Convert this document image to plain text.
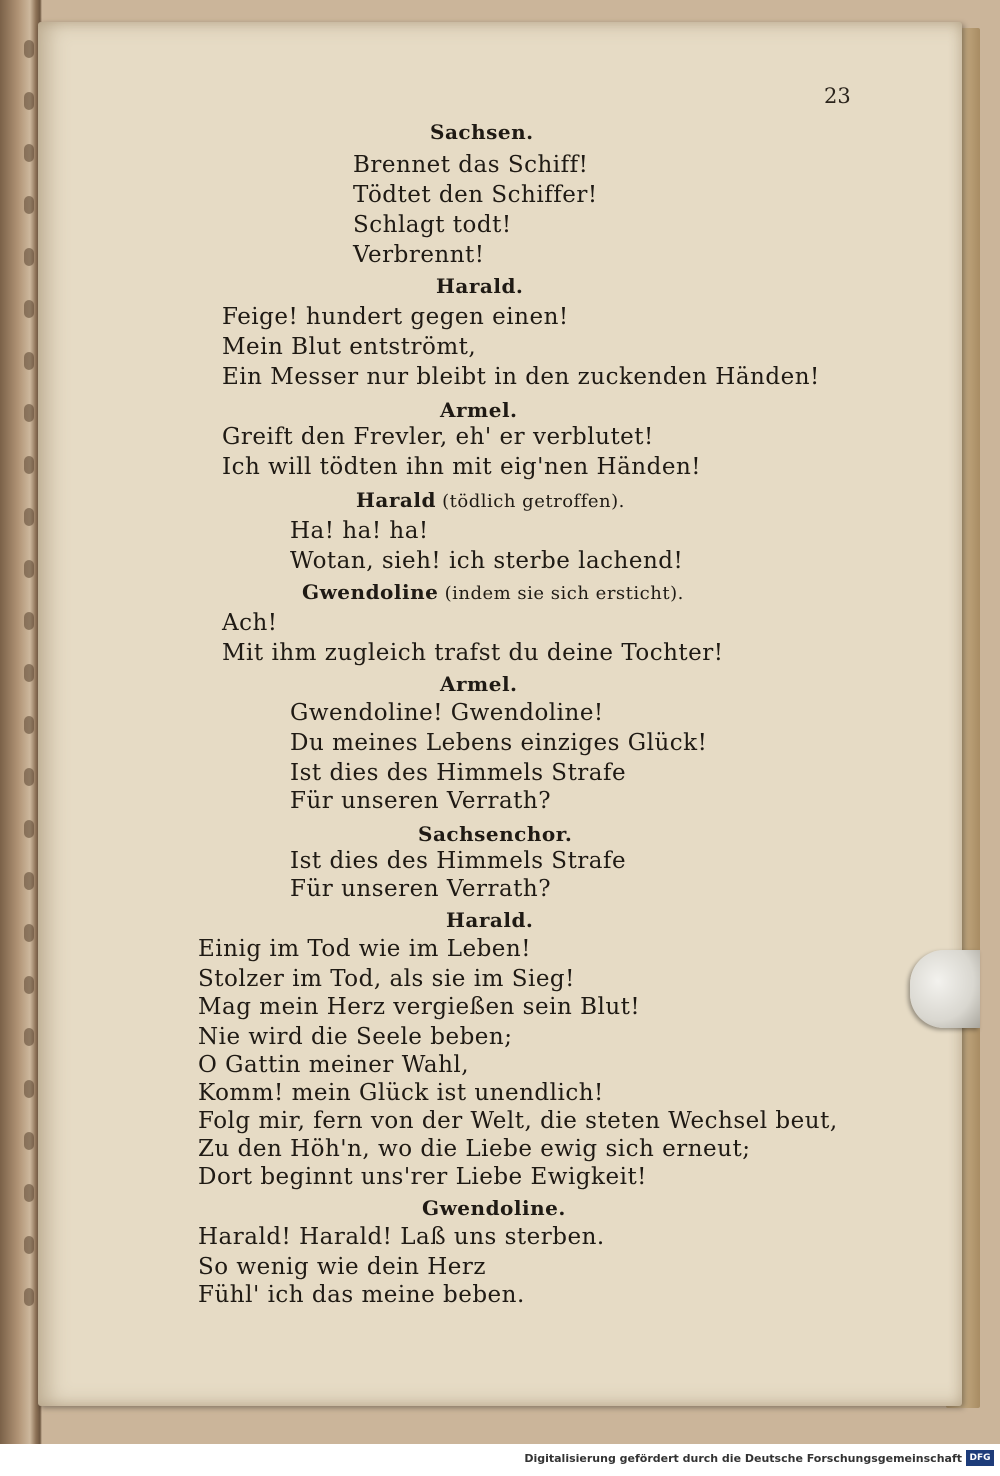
23
Sachsen.
Brennet das Schiff!
Tödtet den Schiffer!
Schlagt todt!
Verbrennt!
Harald.
Feige! hundert gegen einen!
Mein Blut entströmt,
Ein Messer nur bleibt in den zuckenden Händen!
Armel.
Greift den Frevler, eh' er verblutet!
Ich will tödten ihn mit eig'nen Händen!
Harald (tödlich getroffen).
Ha! ha! ha!
Wotan, sieh! ich sterbe lachend!
Gwendoline (indem sie sich ersticht).
Ach!
Mit ihm zugleich trafst du deine Tochter!
Armel.
Gwendoline! Gwendoline!
Du meines Lebens einziges Glück!
Ist dies des Himmels Strafe
Für unseren Verrath?
Sachsenchor.
Ist dies des Himmels Strafe
Für unseren Verrath?
Harald.
Einig im Tod wie im Leben!
Stolzer im Tod, als sie im Sieg!
Mag mein Herz vergießen sein Blut!
Nie wird die Seele beben;
O Gattin meiner Wahl,
Komm! mein Glück ist unendlich!
Folg mir, fern von der Welt, die steten Wechsel beut,
Zu den Höh'n, wo die Liebe ewig sich erneut;
Dort beginnt uns'rer Liebe Ewigkeit!
Gwendoline.
Harald! Harald! Laß uns sterben.
So wenig wie dein Herz
Fühl' ich das meine beben.
Digitalisierung gefördert durch die Deutsche Forschungsgemeinschaft DFG
